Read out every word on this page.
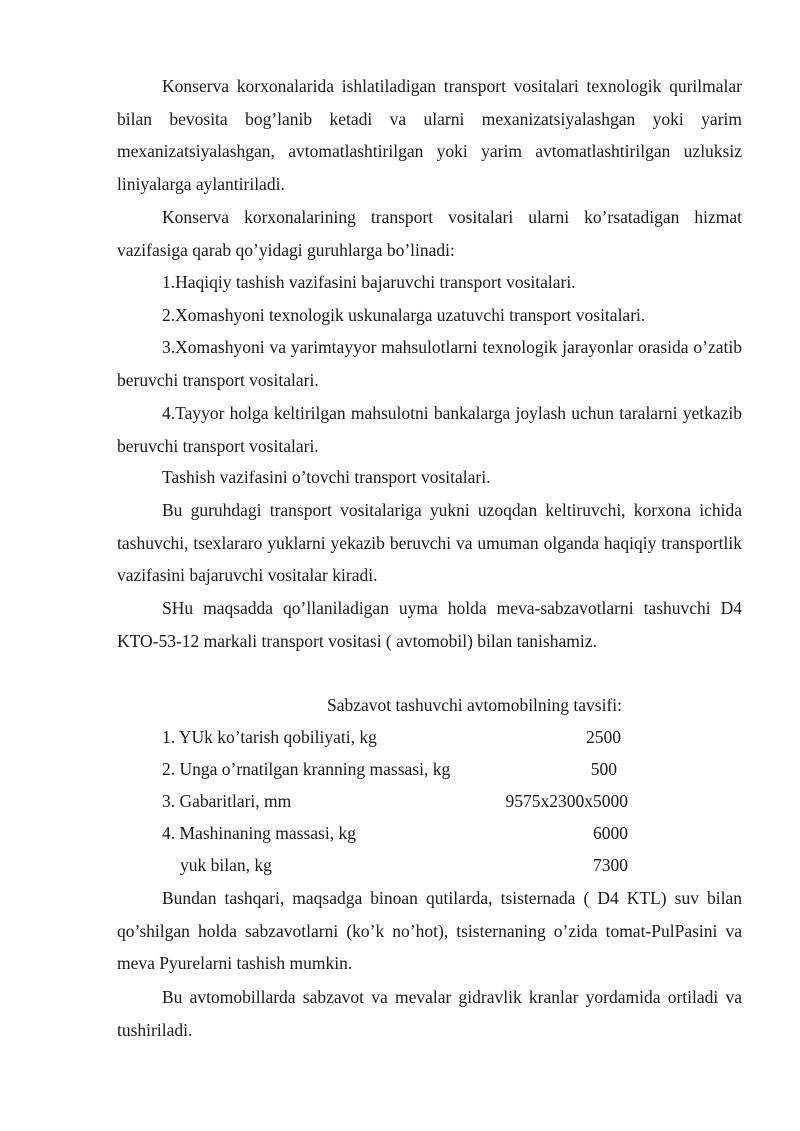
Konserva korxonalarida ishlatiladigan transport vositalari texnologik qurilmalar bilan bevosita bog’lanib ketadi va ularni mexanizatsiyalashgan yoki yarim mexanizatsiyalashgan, avtomatlashtirilgan yoki yarim avtomatlashtirilgan uzluksiz liniyalarga aylantiriladi.

Konserva korxonalarining transport vositalari ularni ko’rsatadigan hizmat vazifasiga qarab qo’yidagi guruhlarga bo’linadi:

1.Haqiqiy tashish vazifasini bajaruvchi transport vositalari.

2.Xomashyoni texnologik uskunalarga uzatuvchi transport vositalari.

3.Xomashyoni va yarimtayyor mahsulotlarni texnologik jarayonlar orasida o’zatib beruvchi transport vositalari.

4.Tayyor holga keltirilgan mahsulotni bankalarga joylash uchun taralarni yetkazib beruvchi transport vositalari.

Tashish vazifasini o’tovchi transport vositalari.

Bu guruhdagi transport vositalariga yukni uzoqdan keltiruvchi, korxona ichida tashuvchi, tsexlararo yuklarni yekazib beruvchi va umuman olganda haqiqiy transportlik vazifasini bajaruvchi vositalar kiradi.

SHu maqsadda qo’llaniladigan uyma holda meva-sabzavotlarni tashuvchi D4 KTO-53-12 markali transport vositasi ( avtomobil) bilan tanishamiz.

Sabzavot tashuvchi avtomobilning tavsifi:

1. YUk ko’tarish qobiliyati, kg	2500
2. Unga o’rnatilgan kranning massasi, kg	500
3. Gabaritlari, mm	9575x2300x5000
4. Mashinaning massasi, kg	6000
yuk bilan, kg	7300

Bundan tashqari, maqsadga binoan qutilarda, tsisternada ( D4 KTL) suv bilan qo’shilgan holda sabzavotlarni (ko’k no’hot), tsisternaning o’zida tomat-PulPasini va meva Pyurelarni tashish mumkin.

Bu avtomobillarda sabzavot va mevalar gidravlik kranlar yordamida ortiladi va tushiriladi.
